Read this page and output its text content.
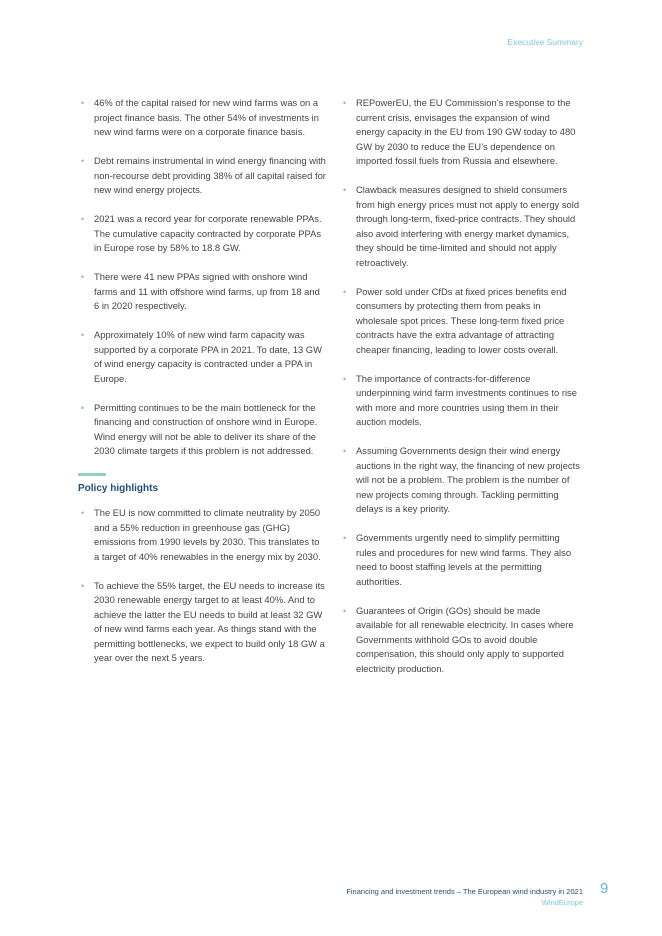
Executive Summary
• 46% of the capital raised for new wind farms was on a project finance basis. The other 54% of investments in new wind farms were on a corporate finance basis.
• Debt remains instrumental in wind energy financing with non-recourse debt providing 38% of all capital raised for new wind energy projects.
• 2021 was a record year for corporate renewable PPAs. The cumulative capacity contracted by corporate PPAs in Europe rose by 58% to 18.8 GW.
• There were 41 new PPAs signed with onshore wind farms and 11 with offshore wind farms, up from 18 and 6 in 2020 respectively.
• Approximately 10% of new wind farm capacity was supported by a corporate PPA in 2021. To date, 13 GW of wind energy capacity is contracted under a PPA in Europe.
• Permitting continues to be the main bottleneck for the financing and construction of onshore wind in Europe. Wind energy will not be able to deliver its share of the 2030 climate targets if this problem is not addressed.
Policy highlights
• The EU is now committed to climate neutrality by 2050 and a 55% reduction in greenhouse gas (GHG) emissions from 1990 levels by 2030. This translates to a target of 40% renewables in the energy mix by 2030.
• To achieve the 55% target, the EU needs to increase its 2030 renewable energy target to at least 40%. And to achieve the latter the EU needs to build at least 32 GW of new wind farms each year. As things stand with the permitting bottlenecks, we expect to build only 18 GW a year over the next 5 years.
• REPowerEU, the EU Commission’s response to the current crisis, envisages the expansion of wind energy capacity in the EU from 190 GW today to 480 GW by 2030 to reduce the EU’s dependence on imported fossil fuels from Russia and elsewhere.
• Clawback measures designed to shield consumers from high energy prices must not apply to energy sold through long-term, fixed-price contracts. They should also avoid interfering with energy market dynamics, they should be time-limited and should not apply retroactively.
• Power sold under CfDs at fixed prices benefits end consumers by protecting them from peaks in wholesale spot prices. These long-term fixed price contracts have the extra advantage of attracting cheaper financing, leading to lower costs overall.
• The importance of contracts-for-difference underpinning wind farm investments continues to rise with more and more countries using them in their auction models.
• Assuming Governments design their wind energy auctions in the right way, the financing of new projects will not be a problem. The problem is the number of new projects coming through. Tackling permitting delays is a key priority.
• Governments urgently need to simplify permitting rules and procedures for new wind farms. They also need to boost staffing levels at the permitting authorities.
• Guarantees of Origin (GOs) should be made available for all renewable electricity. In cases where Governments withhold GOs to avoid double compensation, this should only apply to supported electricity production.
Financing and investment trends – The European wind industry in 2021
WindEurope
9
